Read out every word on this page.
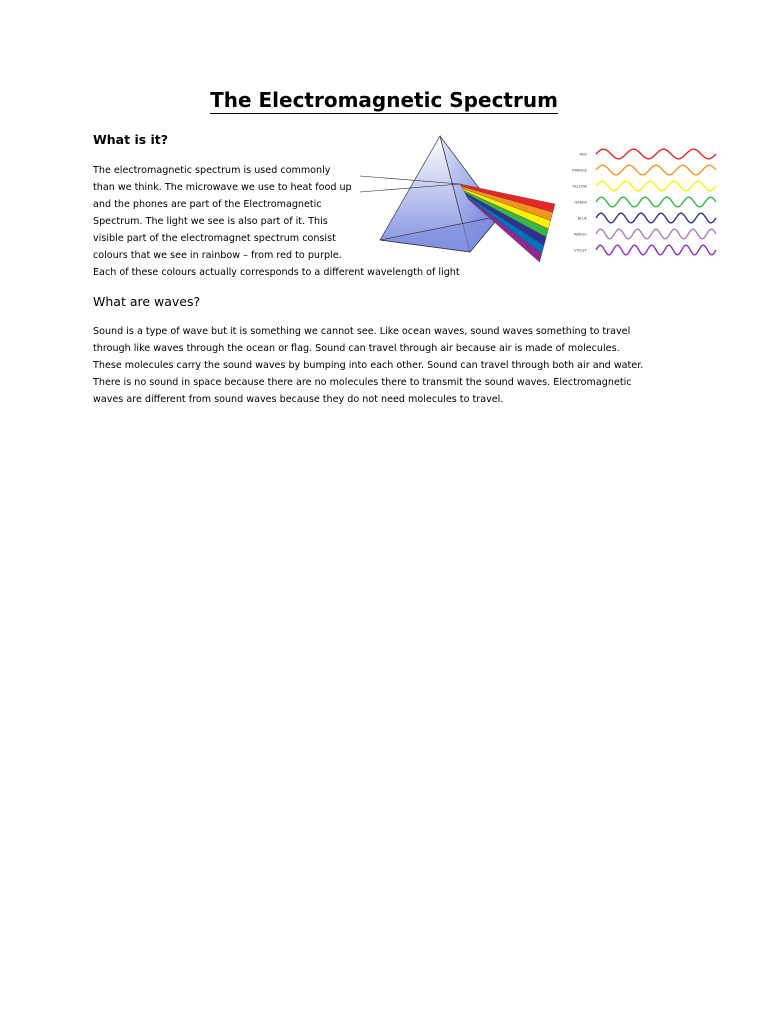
The Electromagnetic Spectrum
What is it?

The electromagnetic spectrum is used commonly
than we think. The microwave we use to heat food up
and the phones are part of the Electromagnetic
Spectrum. The light we see is also part of it. This
visible part of the electromagnet spectrum consist
colours that we see in rainbow – from red to purple.
Each of these colours actually corresponds to a different wavelength of light

What are waves?

Sound is a type of wave but it is something we cannot see. Like ocean waves, sound waves something to travel
through like waves through the ocean or flag. Sound can travel through air because air is made of molecules.
These molecules carry the sound waves by bumping into each other. Sound can travel through both air and water.
There is no sound in space because there are no molecules there to transmit the sound waves. Electromagnetic
waves are different from sound waves because they do not need molecules to travel.

RED
ORANGE
YELLOW
GREEN
BLUE
INDIGO
VIOLET
